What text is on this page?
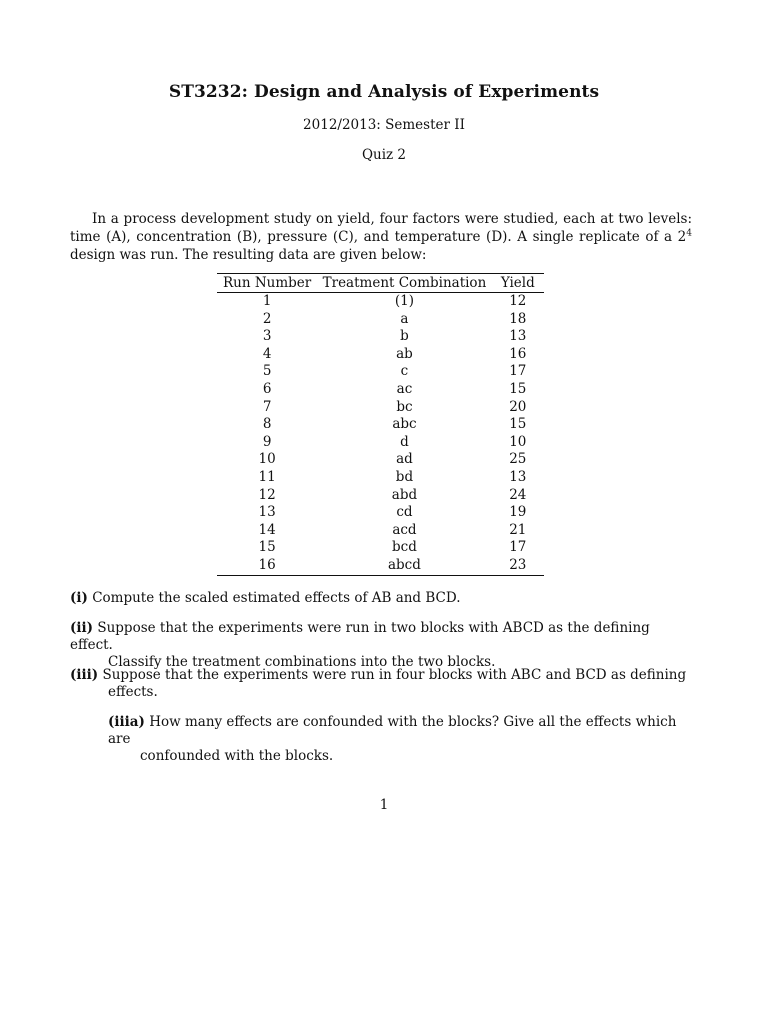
ST3232: Design and Analysis of Experiments
2012/2013: Semester II
Quiz 2
In a process development study on yield, four factors were studied, each at two levels: time (A), concentration (B), pressure (C), and temperature (D). A single replicate of a $2^4$ design was run. The resulting data are given below:
Run Number	Treatment Combination	Yield
1	(1)	12
2	a	18
3	b	13
4	ab	16
5	c	17
6	ac	15
7	bc	20
8	abc	15
9	d	10
10	ad	25
11	bd	13
12	abd	24
13	cd	19
14	acd	21
15	bcd	17
16	abcd	23
(i) Compute the scaled estimated effects of AB and BCD.
(ii) Suppose that the experiments were run in two blocks with ABCD as the defining effect.
Classify the treatment combinations into the two blocks.
(iii) Suppose that the experiments were run in four blocks with ABC and BCD as defining
effects.
(iiia) How many effects are confounded with the blocks? Give all the effects which are
confounded with the blocks.
1
